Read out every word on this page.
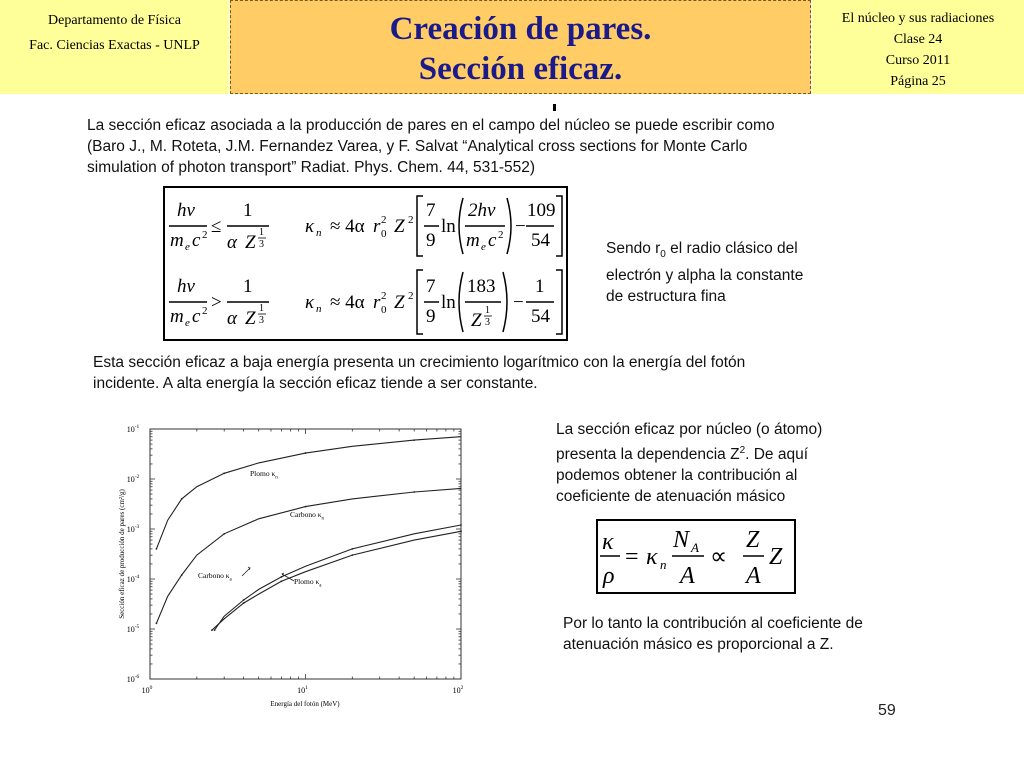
Departamento de Física
Fac. Ciencias Exactas - UNLP	Creación de pares.
Sección eficaz.
El núcleo y sus radiaciones
Clase 24
Curso 2011
Página 25
La sección eficaz asociada a la producción de pares en el campo del núcleo se puede escribir como
(Baro J., M. Roteta, J.M. Fernandez Varea, y F. Salvat “Analytical cross sections for Monte Carlo
simulation of photon transport” Radiat. Phys. Chem. 44, 531-552)
hν
m e c 2 ≤
1
α Z 1
3
κ n ≈ 4α r 0
2 Z 2 7
9
ln
2hν
m e c 2 −
109
54
hν
m e c 2 >
1
α Z 1
3
κ n ≈ 4α r 0
2 Z 2 7
9
ln
183
Z 1
3
−
1
54
Sendo $r_0$ el radio clásico del
electrón y alpha la constante
de estructura fina
Esta sección eficaz a baja energía presenta un crecimiento logarítmico con la energía del fotón
incidente. A alta energía la sección eficaz tiende a ser constante.
$10^0$	$10^1$	$10^2$
$10^{-6}$
$10^{-5}$
$10^{-4}$
$10^{-3}$
$10^{-2}$
$10^{-1}$
Plomo $\kappa_n$
Carbono $\kappa_n$
Carbono $\kappa_a$	Plomo $\kappa_a$
Energía del fotón (MeV)
Sección eficaz de producción de pares (cm²/g)
La sección eficaz por núcleo (o átomo)
presenta la dependencia $Z^2$. De aquí
podemos obtener la contribución al
coeficiente de atenuación másico
κ
ρ
= κ n
N A
A
∝
Z
A
Z
Por lo tanto la contribución al coeficiente de
atenuación másico es proporcional a Z.
59
